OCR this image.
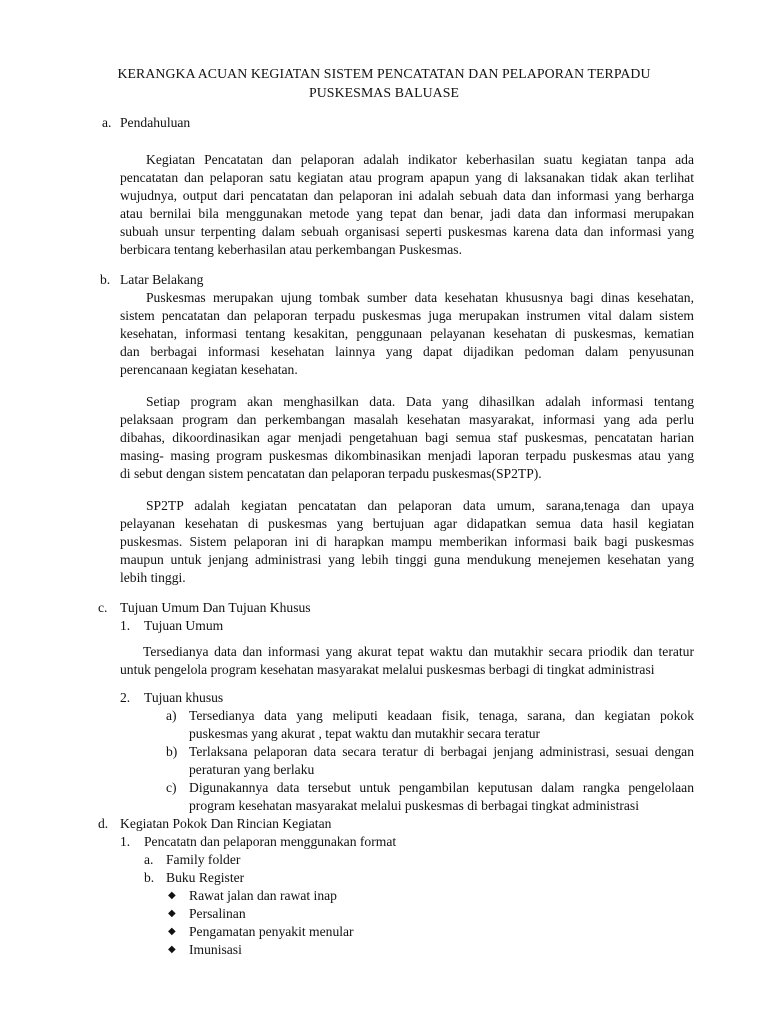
KERANGKA ACUAN KEGIATAN SISTEM PENCATATAN DAN PELAPORAN TERPADU
PUSKESMAS BALUASE
a. Pendahuluan
Kegiatan Pencatatan dan pelaporan adalah indikator keberhasilan suatu kegiatan tanpa ada
pencatatan dan pelaporan satu kegiatan atau program apapun yang di laksanakan tidak akan terlihat
wujudnya, output dari pencatatan dan pelaporan ini adalah sebuah data dan informasi yang berharga
atau bernilai bila menggunakan metode yang tepat dan benar, jadi data dan informasi merupakan
subuah unsur terpenting dalam sebuah organisasi seperti puskesmas karena data dan informasi yang
berbicara tentang keberhasilan atau perkembangan Puskesmas.
b. Latar Belakang
Puskesmas merupakan ujung tombak sumber data kesehatan khususnya bagi dinas kesehatan,
sistem pencatatan dan pelaporan terpadu puskesmas juga merupakan instrumen vital dalam sistem
kesehatan, informasi tentang kesakitan, penggunaan pelayanan kesehatan di puskesmas, kematian
dan berbagai informasi kesehatan lainnya yang dapat dijadikan pedoman dalam penyusunan
perencanaan kegiatan kesehatan.
Setiap program akan menghasilkan data. Data yang dihasilkan adalah informasi tentang
pelaksaan program dan perkembangan masalah kesehatan masyarakat, informasi yang ada perlu
dibahas, dikoordinasikan agar menjadi pengetahuan bagi semua staf puskesmas, pencatatan harian
masing- masing program puskesmas dikombinasikan menjadi laporan terpadu puskesmas atau yang
di sebut dengan sistem pencatatan dan pelaporan terpadu puskesmas(SP2TP).
SP2TP adalah kegiatan pencatatan dan pelaporan data umum, sarana,tenaga dan upaya
pelayanan kesehatan di puskesmas yang bertujuan agar didapatkan semua data hasil kegiatan
puskesmas. Sistem pelaporan ini di harapkan mampu memberikan informasi baik bagi puskesmas
maupun untuk jenjang administrasi yang lebih tinggi guna mendukung menejemen kesehatan yang
lebih tinggi.
c. Tujuan Umum Dan Tujuan Khusus
1. Tujuan Umum
Tersedianya data dan informasi yang akurat tepat waktu dan mutakhir secara priodik dan teratur
untuk pengelola program kesehatan masyarakat melalui puskesmas berbagi di tingkat administrasi
2. Tujuan khusus
a) Tersedianya data yang meliputi keadaan fisik, tenaga, sarana, dan kegiatan pokok
puskesmas yang akurat , tepat waktu dan mutakhir secara teratur
b) Terlaksana pelaporan data secara teratur di berbagai jenjang administrasi, sesuai dengan
peraturan yang berlaku
c) Digunakannya data tersebut untuk pengambilan keputusan dalam rangka pengelolaan
program kesehatan masyarakat melalui puskesmas di berbagai tingkat administrasi
d. Kegiatan Pokok Dan Rincian Kegiatan
1. Pencatatn dan pelaporan menggunakan format
a. Family folder
b. Buku Register
◆ Rawat jalan dan rawat inap
◆ Persalinan
◆ Pengamatan penyakit menular
◆ Imunisasi
